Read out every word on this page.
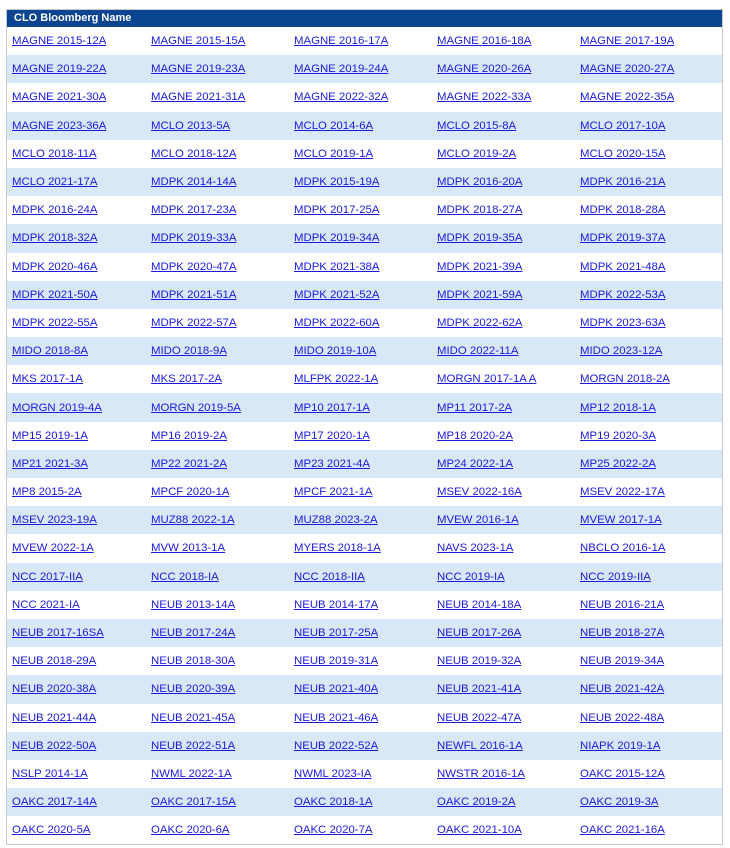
CLO Bloomberg Name
MAGNE 2015-12A	MAGNE 2015-15A	MAGNE 2016-17A	MAGNE 2016-18A	MAGNE 2017-19A
MAGNE 2019-22A	MAGNE 2019-23A	MAGNE 2019-24A	MAGNE 2020-26A	MAGNE 2020-27A
MAGNE 2021-30A	MAGNE 2021-31A	MAGNE 2022-32A	MAGNE 2022-33A	MAGNE 2022-35A
MAGNE 2023-36A	MCLO 2013-5A	MCLO 2014-6A	MCLO 2015-8A	MCLO 2017-10A
MCLO 2018-11A	MCLO 2018-12A	MCLO 2019-1A	MCLO 2019-2A	MCLO 2020-15A
MCLO 2021-17A	MDPK 2014-14A	MDPK 2015-19A	MDPK 2016-20A	MDPK 2016-21A
MDPK 2016-24A	MDPK 2017-23A	MDPK 2017-25A	MDPK 2018-27A	MDPK 2018-28A
MDPK 2018-32A	MDPK 2019-33A	MDPK 2019-34A	MDPK 2019-35A	MDPK 2019-37A
MDPK 2020-46A	MDPK 2020-47A	MDPK 2021-38A	MDPK 2021-39A	MDPK 2021-48A
MDPK 2021-50A	MDPK 2021-51A	MDPK 2021-52A	MDPK 2021-59A	MDPK 2022-53A
MDPK 2022-55A	MDPK 2022-57A	MDPK 2022-60A	MDPK 2022-62A	MDPK 2023-63A
MIDO 2018-8A	MIDO 2018-9A	MIDO 2019-10A	MIDO 2022-11A	MIDO 2023-12A
MKS 2017-1A	MKS 2017-2A	MLFPK 2022-1A	MORGN 2017-1A A	MORGN 2018-2A
MORGN 2019-4A	MORGN 2019-5A	MP10 2017-1A	MP11 2017-2A	MP12 2018-1A
MP15 2019-1A	MP16 2019-2A	MP17 2020-1A	MP18 2020-2A	MP19 2020-3A
MP21 2021-3A	MP22 2021-2A	MP23 2021-4A	MP24 2022-1A	MP25 2022-2A
MP8 2015-2A	MPCF 2020-1A	MPCF 2021-1A	MSEV 2022-16A	MSEV 2022-17A
MSEV 2023-19A	MUZ88 2022-1A	MUZ88 2023-2A	MVEW 2016-1A	MVEW 2017-1A
MVEW 2022-1A	MVW 2013-1A	MYERS 2018-1A	NAVS 2023-1A	NBCLO 2016-1A
NCC 2017-IIA	NCC 2018-IA	NCC 2018-IIA	NCC 2019-IA	NCC 2019-IIA
NCC 2021-IA	NEUB 2013-14A	NEUB 2014-17A	NEUB 2014-18A	NEUB 2016-21A
NEUB 2017-16SA	NEUB 2017-24A	NEUB 2017-25A	NEUB 2017-26A	NEUB 2018-27A
NEUB 2018-29A	NEUB 2018-30A	NEUB 2019-31A	NEUB 2019-32A	NEUB 2019-34A
NEUB 2020-38A	NEUB 2020-39A	NEUB 2021-40A	NEUB 2021-41A	NEUB 2021-42A
NEUB 2021-44A	NEUB 2021-45A	NEUB 2021-46A	NEUB 2022-47A	NEUB 2022-48A
NEUB 2022-50A	NEUB 2022-51A	NEUB 2022-52A	NEWFL 2016-1A	NIAPK 2019-1A
NSLP 2014-1A	NWML 2022-1A	NWML 2023-IA	NWSTR 2016-1A	OAKC 2015-12A
OAKC 2017-14A	OAKC 2017-15A	OAKC 2018-1A	OAKC 2019-2A	OAKC 2019-3A
OAKC 2020-5A	OAKC 2020-6A	OAKC 2020-7A	OAKC 2021-10A	OAKC 2021-16A
